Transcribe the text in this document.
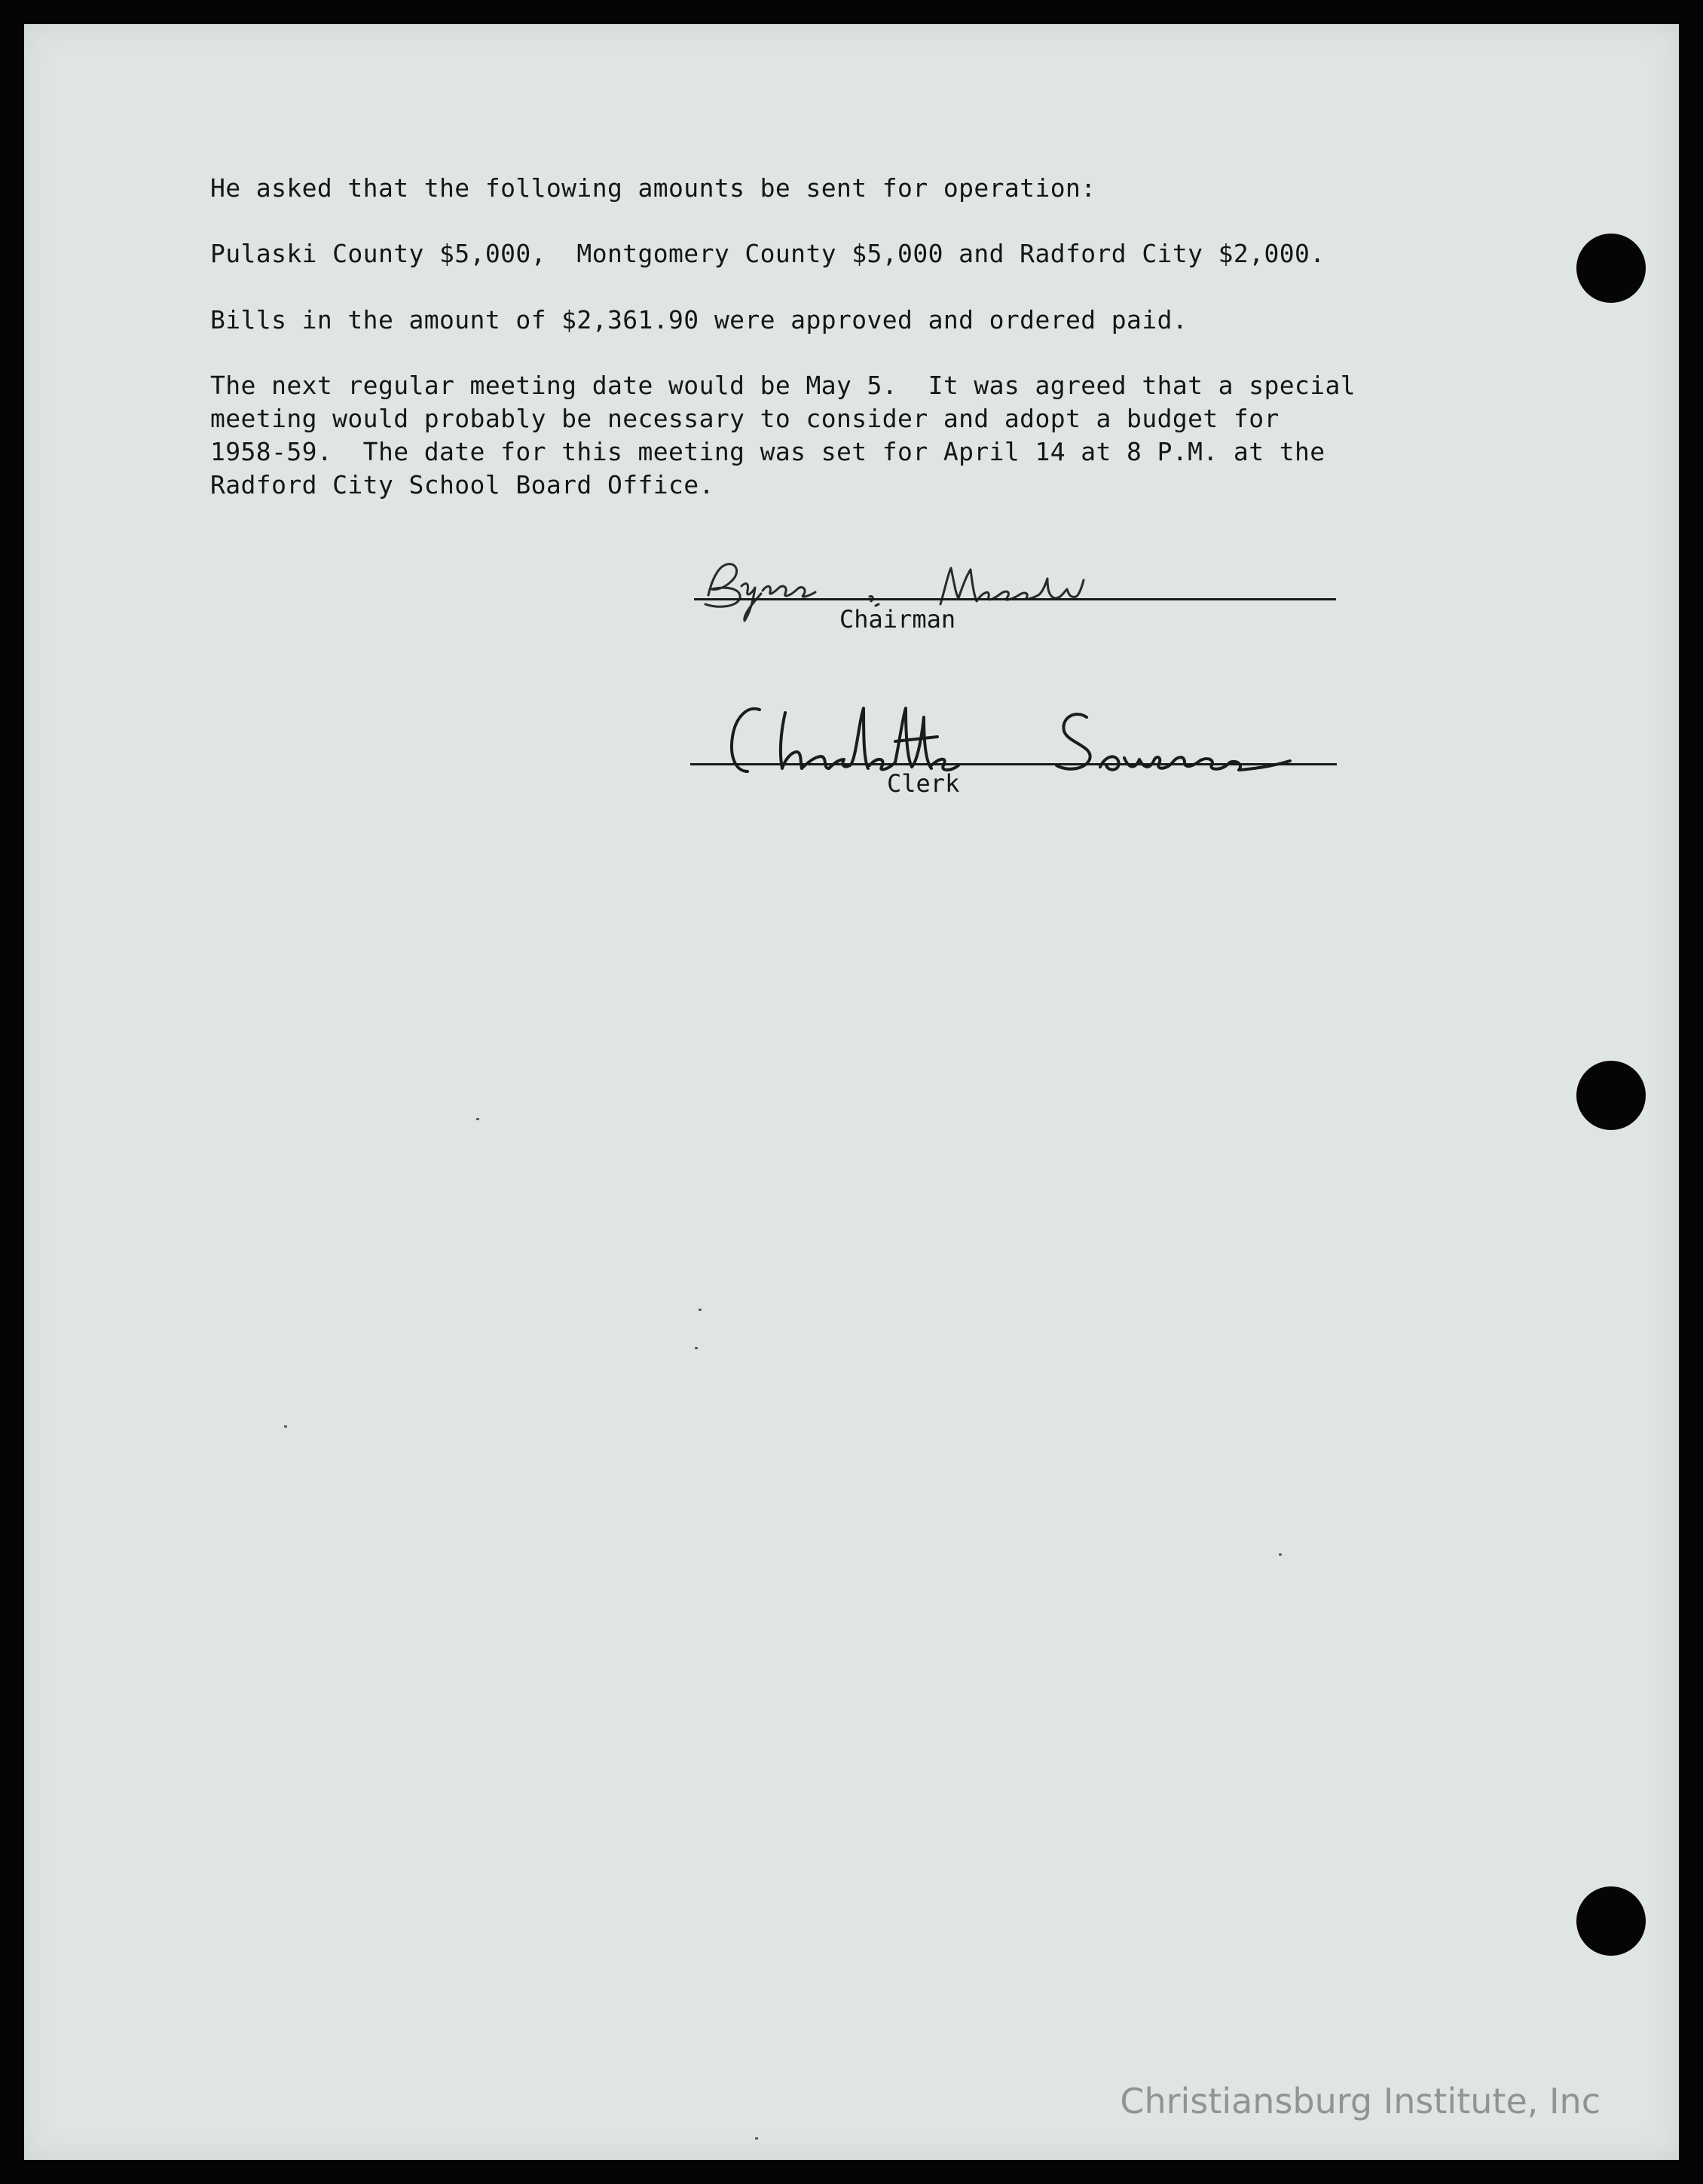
He asked that the following amounts be sent for operation:

Pulaski County $5,000,  Montgomery County $5,000 and Radford City $2,000.

Bills in the amount of $2,361.90 were approved and ordered paid.

The next regular meeting date would be May 5.  It was agreed that a special
meeting would probably be necessary to consider and adopt a budget for
1958-59.  The date for this meeting was set for April 14 at 8 P.M. at the
Radford City School Board Office.

Chairman
Clerk
Christiansburg Institute, Inc
